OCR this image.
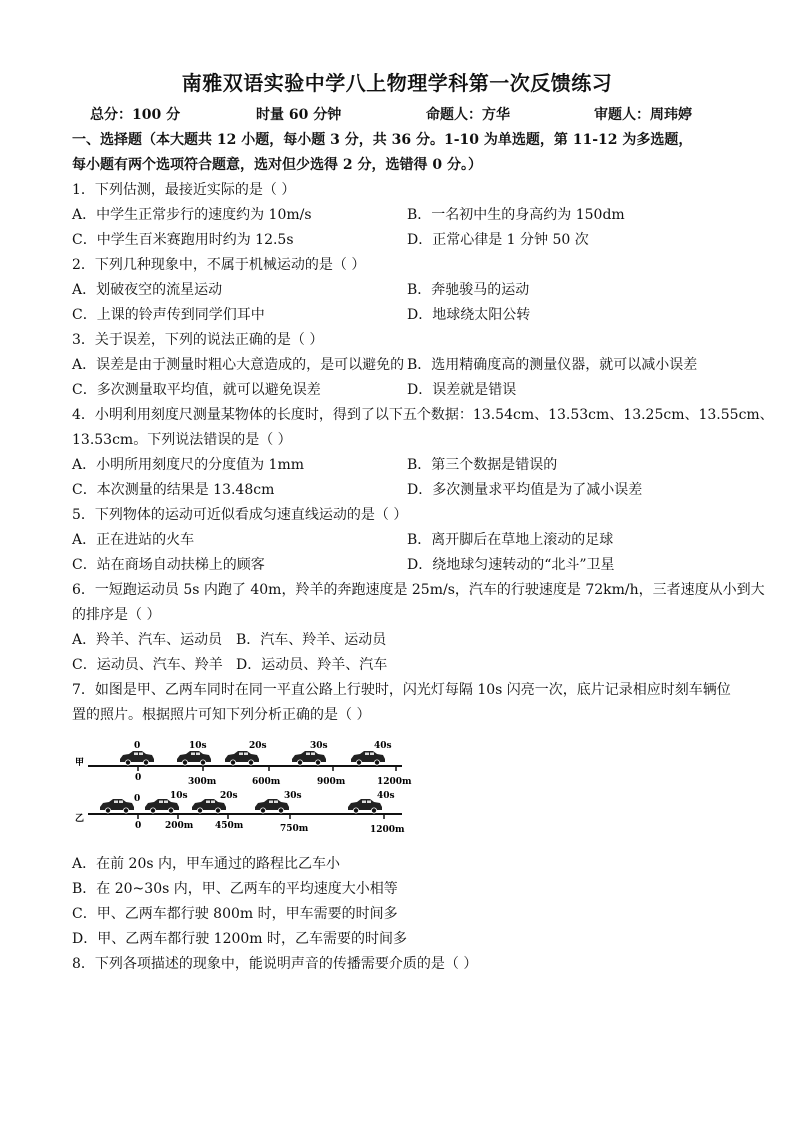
南雅双语实验中学八上物理学科第一次反馈练习
总分：100 分	时量 60 分钟	命题人：方华	审题人：周玮婷
一、选择题（本大题共 12 小题，每小题 3 分，共 36 分。1-10 为单选题，第 11-12 为多选题，
每小题有两个选项符合题意，选对但少选得 2 分，选错得 0 分。）
1．下列估测，最接近实际的是（ ）
A．中学生正常步行的速度约为 10m/s	B．一名初中生的身高约为 150dm
C．中学生百米赛跑用时约为 12.5s	D．正常心律是 1 分钟 50 次
2．下列几种现象中，不属于机械运动的是（ ）
A．划破夜空的流星运动	B．奔驰骏马的运动
C．上课的铃声传到同学们耳中	D．地球绕太阳公转
3．关于误差，下列的说法正确的是（ ）
A．误差是由于测量时粗心大意造成的，是可以避免的 B．选用精确度高的测量仪器，就可以减小误差
C．多次测量取平均值，就可以避免误差	D．误差就是错误
4．小明利用刻度尺测量某物体的长度时，得到了以下五个数据：13.54cm、13.53cm、13.25cm、13.55cm、
13.53cm。下列说法错误的是（ ）
A．小明所用刻度尺的分度值为 1mm	B．第三个数据是错误的
C．本次测量的结果是 13.48cm	D．多次测量求平均值是为了减小误差
5．下列物体的运动可近似看成匀速直线运动的是（ ）
A．正在进站的火车	B．离开脚后在草地上滚动的足球
C．站在商场自动扶梯上的顾客	D．绕地球匀速转动的“北斗”卫星
6．一短跑运动员 5s 内跑了 40m，羚羊的奔跑速度是 25m/s，汽车的行驶速度是 72km/h，三者速度从小到大
的排序是（ ）
A．羚羊、汽车、运动员 B．汽车、羚羊、运动员
C．运动员、汽车、羚羊 D．运动员、羚羊、汽车
7．如图是甲、乙两车同时在同一平直公路上行驶时，闪光灯每隔 10s 闪亮一次，底片记录相应时刻车辆位
置的照片。根据照片可知下列分析正确的是（ ）
甲
0	10s	20s	30s	40s
0	300m	600m	900m	1200m
乙
0	10s	20s	30s	40s
0	200m 450m	750m	1200m
A．在前 20s 内，甲车通过的路程比乙车小
B．在 20~30s 内，甲、乙两车的平均速度大小相等
C．甲、乙两车都行驶 800m 时，甲车需要的时间多
D．甲、乙两车都行驶 1200m 时，乙车需要的时间多
8．下列各项描述的现象中，能说明声音的传播需要介质的是（ ）
